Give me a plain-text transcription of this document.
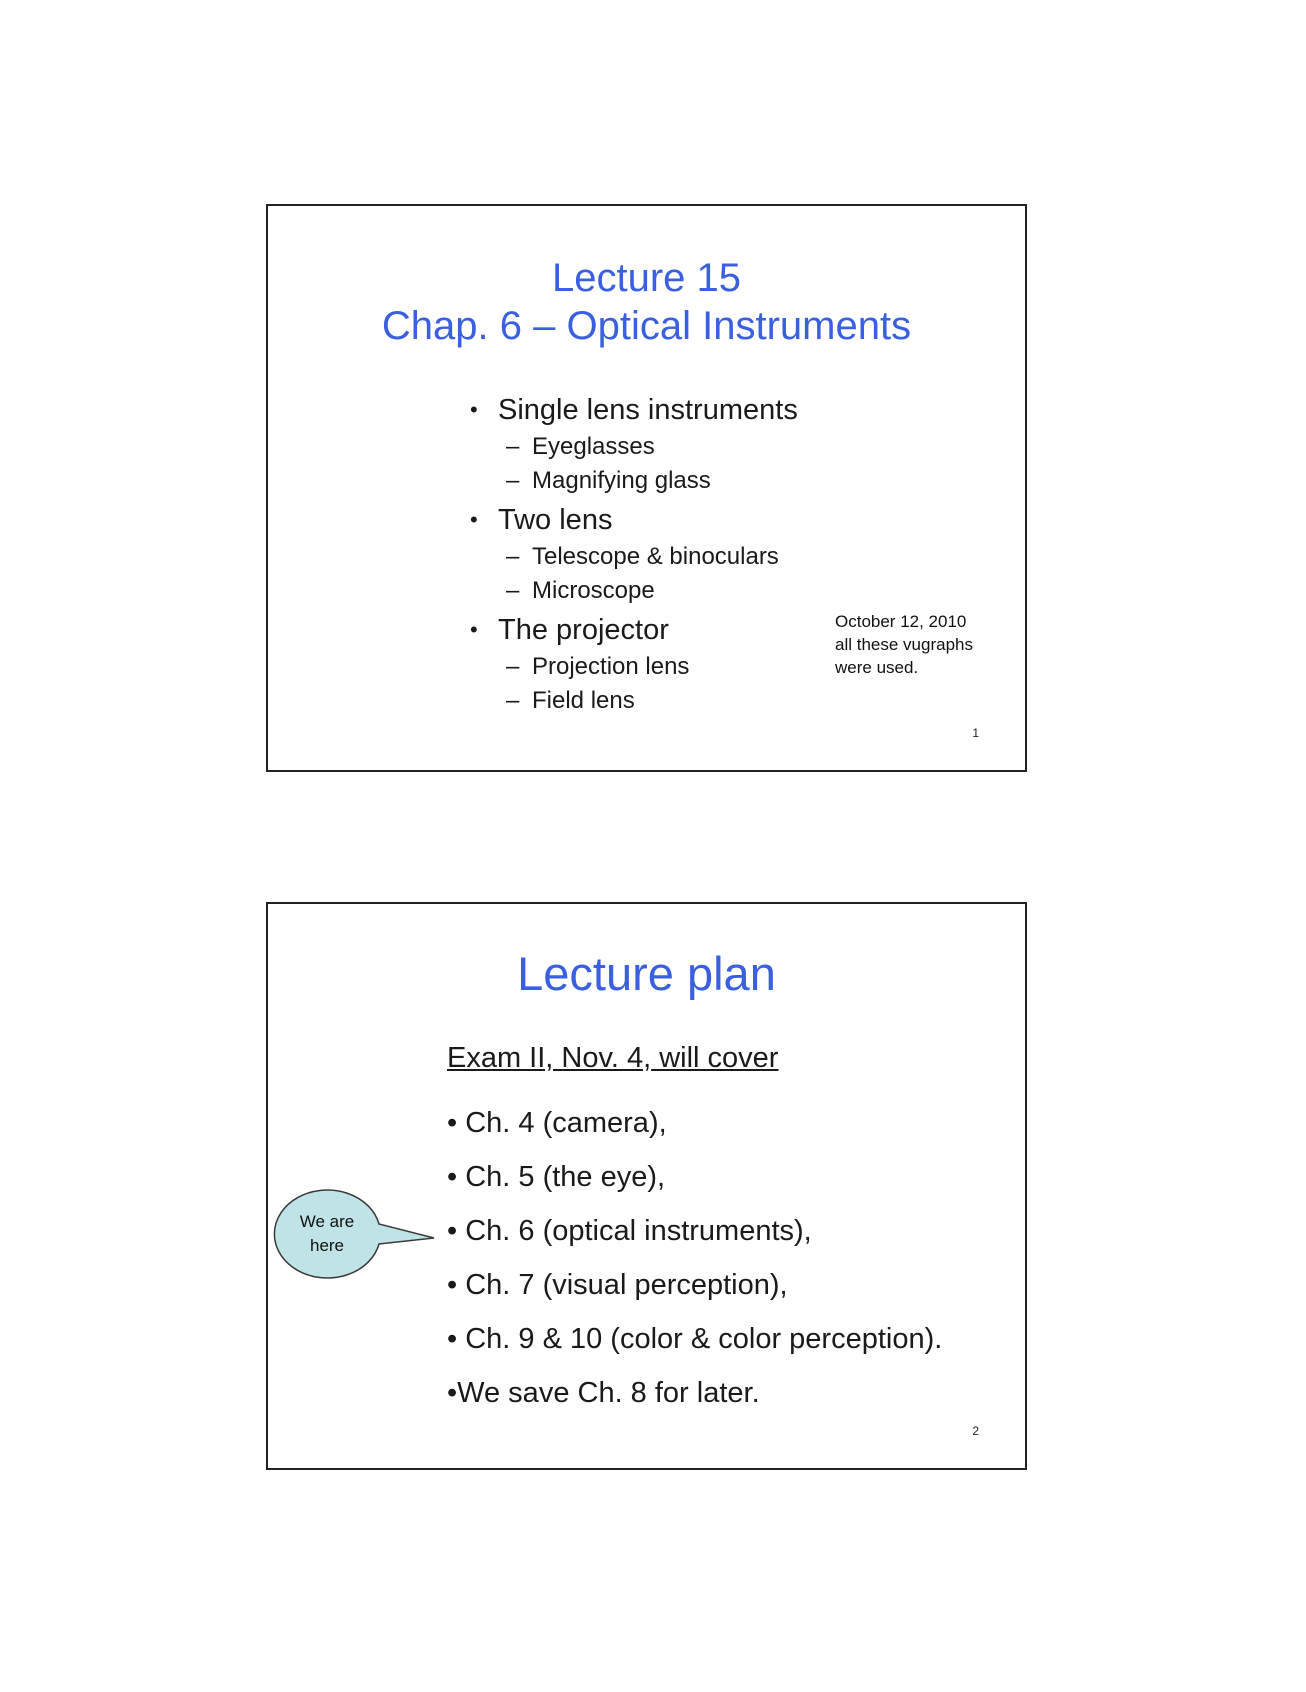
Lecture 15
Chap. 6 – Optical Instruments
• Single lens instruments
– Eyeglasses
– Magnifying glass
• Two lens
– Telescope & binoculars
– Microscope
• The projector
– Projection lens
– Field lens
October 12, 2010
all these vugraphs
were used.
1
Lecture plan
Exam II, Nov. 4, will cover
• Ch. 4 (camera),
• Ch. 5 (the eye),
• Ch. 6 (optical instruments),
• Ch. 7 (visual perception),
• Ch. 9 & 10 (color & color perception).
•We save Ch. 8 for later.
We are
here
2
